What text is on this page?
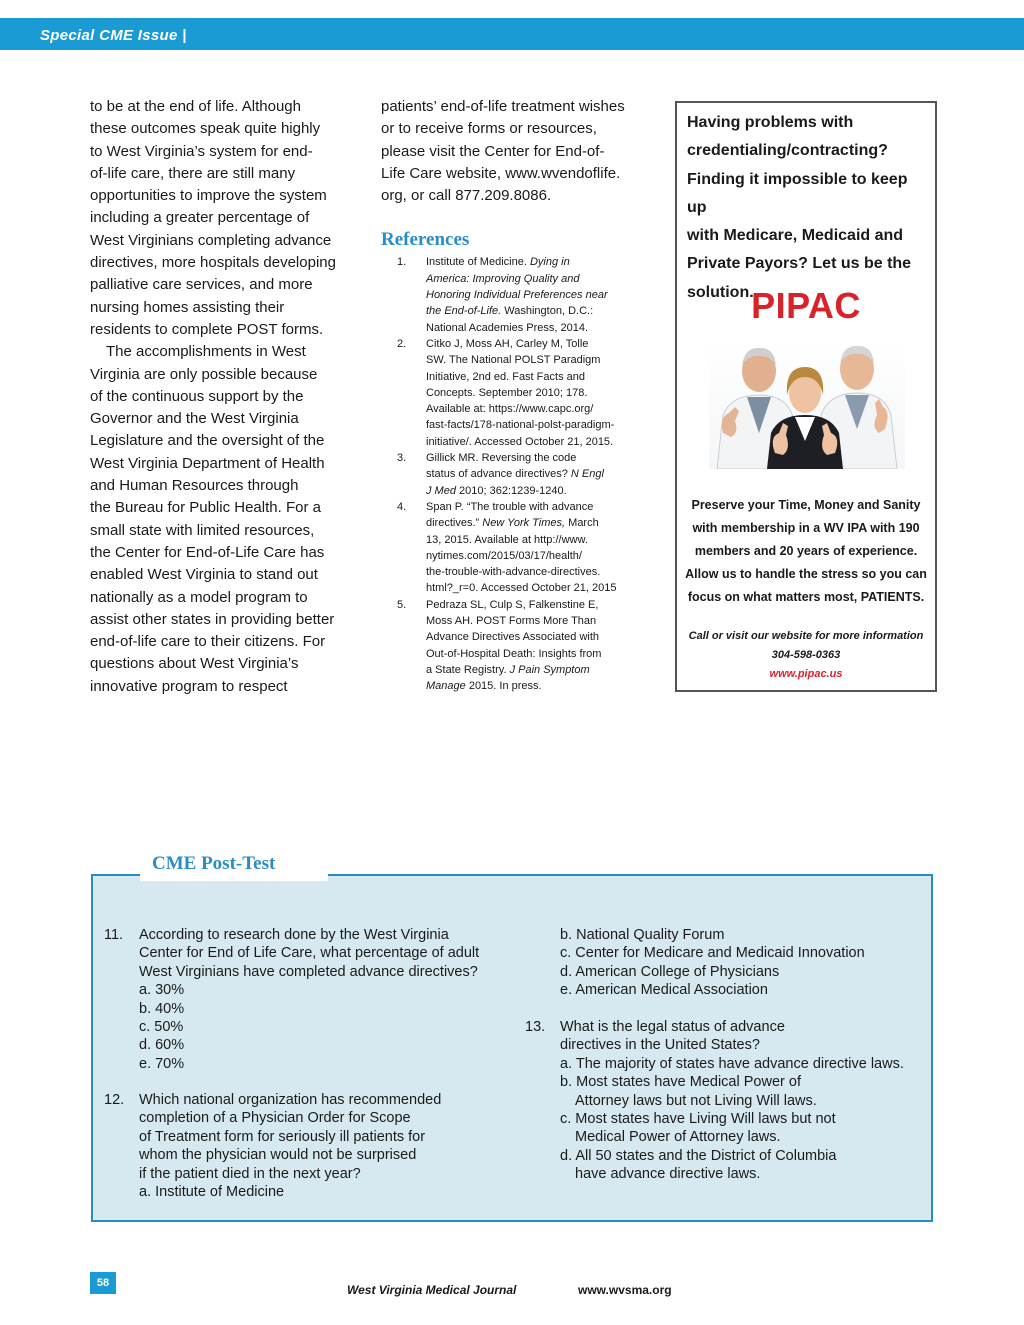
Special CME Issue |
to be at the end of life. Although
these outcomes speak quite highly
to West Virginia’s system for end-
of-life care, there are still many
opportunities to improve the system
including a greater percentage of
West Virginians completing advance
directives, more hospitals developing
palliative care services, and more
nursing homes assisting their
residents to complete POST forms.
The accomplishments in West
Virginia are only possible because
of the continuous support by the
Governor and the West Virginia
Legislature and the oversight of the
West Virginia Department of Health
and Human Resources through
the Bureau for Public Health. For a
small state with limited resources,
the Center for End-of-Life Care has
enabled West Virginia to stand out
nationally as a model program to
assist other states in providing better
end-of-life care to their citizens. For
questions about West Virginia’s
innovative program to respect
patients’ end-of-life treatment wishes
or to receive forms or resources,
please visit the Center for End-of-
Life Care website, www.wvendoflife.
org, or call 877.209.8086.
References
1. Institute of Medicine. Dying in
America: Improving Quality and
Honoring Individual Preferences near
the End-of-Life. Washington, D.C.:
National Academies Press, 2014.
2. Citko J, Moss AH, Carley M, Tolle
SW. The National POLST Paradigm
Initiative, 2nd ed. Fast Facts and
Concepts. September 2010; 178.
Available at: https://www.capc.org/
fast-facts/178-national-polst-paradigm-
initiative/. Accessed October 21, 2015.
3. Gillick MR. Reversing the code
status of advance directives? N Engl
J Med 2010; 362:1239-1240.
4. Span P. “The trouble with advance
directives.” New York Times, March
13, 2015. Available at http://www.
nytimes.com/2015/03/17/health/
the-trouble-with-advance-directives.
html?_r=0. Accessed October 21, 2015
5. Pedraza SL, Culp S, Falkenstine E,
Moss AH. POST Forms More Than
Advance Directives Associated with
Out-of-Hospital Death: Insights from
a State Registry. J Pain Symptom
Manage 2015. In press.
Having problems with
credentialing/contracting?
Finding it impossible to keep up
with Medicare, Medicaid and
Private Payors? Let us be the
solution.
PIPAC
Preserve your Time, Money and Sanity
with membership in a WV IPA with 190
members and 20 years of experience.
Allow us to handle the stress so you can
focus on what matters most, PATIENTS.
Call or visit our website for more information
304-598-0363
www.pipac.us
CME Post-Test
11. According to research done by the West Virginia
Center for End of Life Care, what percentage of adult
West Virginians have completed advance directives?
a. 30%
b. 40%
c. 50%
d. 60%
e. 70%
12. Which national organization has recommended
completion of a Physician Order for Scope
of Treatment form for seriously ill patients for
whom the physician would not be surprised
if the patient died in the next year?
a. Institute of Medicine
b. National Quality Forum
c. Center for Medicare and Medicaid Innovation
d. American College of Physicians
e. American Medical Association
13. What is the legal status of advance
directives in the United States?
a. The majority of states have advance directive laws.
b. Most states have Medical Power of
Attorney laws but not Living Will laws.
c. Most states have Living Will laws but not
Medical Power of Attorney laws.
d. All 50 states and the District of Columbia
have advance directive laws.
58	West Virginia Medical Journal	www.wvsma.org
